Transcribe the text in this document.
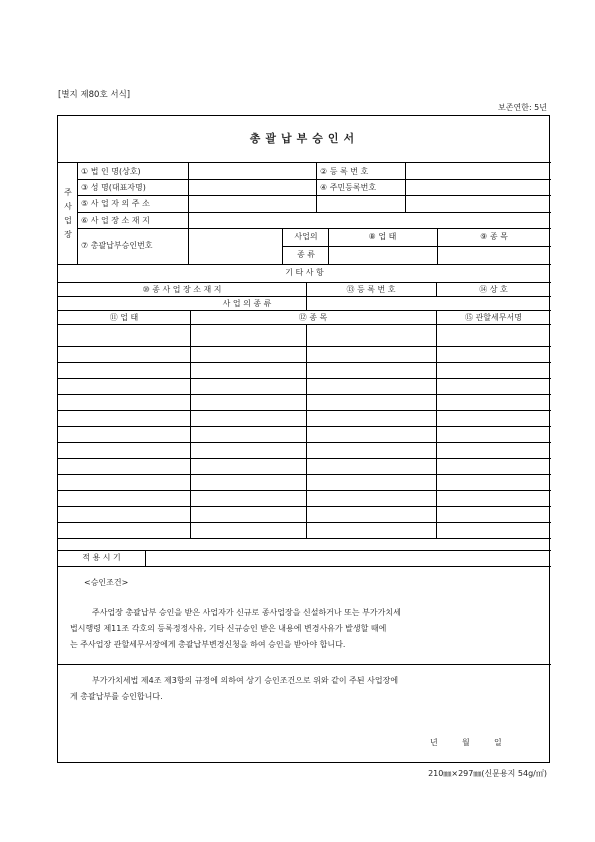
[별지 제80호 서식]
보존연한: 5년
총괄납부승인서
주
사
업
장
① 법 인 명(상호)	② 등 록 번 호
③ 성 명(대표자명)	④ 주민등록번호
⑤ 사 업 자 의 주 소
⑥ 사 업 장 소 재 지
⑦ 총괄납부승인번호
사업의
종 류
⑧ 업 태	⑨ 종 목
기 타 사 항
⑩ 종 사 업 장 소 재 지	⑬ 등 록 번 호	⑭ 상 호
사 업 의 종 류
⑪ 업 태	⑫ 종 목	⑮ 관할세무서명
적 용 시 기
<승인조건>
주사업장 총괄납부 승인을 받은 사업자가 신규로 종사업장을 신설하거나 또는 부가가치세
법시행령 제11조 각호의 등록정정사유, 기타 신규승인 받은 내용에 변경사유가 발생할 때에
는 주사업장 관할세무서장에게 총괄납부변경신청을 하여 승인을 받아야 합니다.
부가가치세법 제4조 제3항의 규정에 의하여 상기 승인조건으로 위와 같이 주된 사업장에
게 총괄납부를 승인합니다.
년	월	일
210㎜×297㎜(신문용지 54g/㎡)
